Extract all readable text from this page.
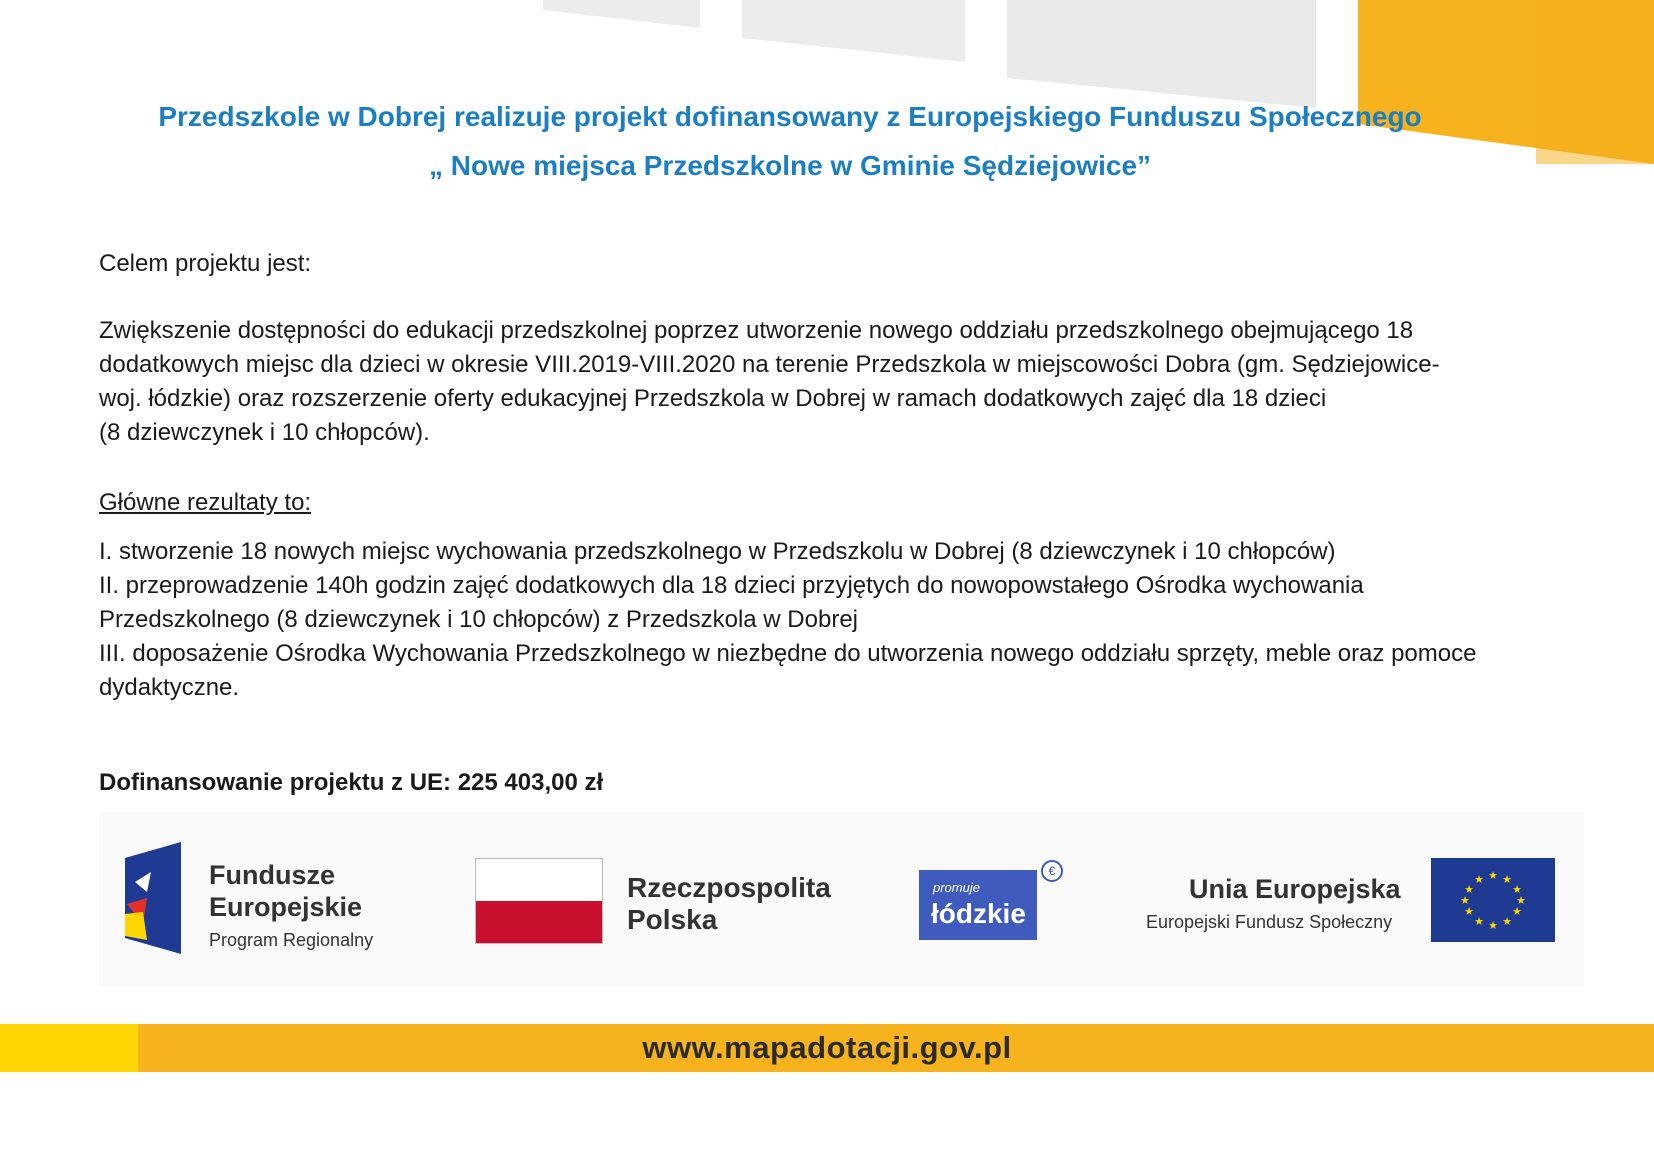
Przedszkole w Dobrej realizuje projekt dofinansowany z Europejskiego Funduszu Społecznego
„ Nowe miejsca Przedszkolne w Gminie Sędziejowice”

Celem projektu jest:

Zwiększenie dostępności do edukacji przedszkolnej poprzez utworzenie nowego oddziału przedszkolnego obejmującego 18

dodatkowych miejsc dla dzieci w okresie VIII.2019-VIII.2020 na terenie Przedszkola w miejscowości Dobra (gm. Sędziejowice-

woj. łódzkie) oraz rozszerzenie oferty edukacyjnej Przedszkola w Dobrej w ramach dodatkowych zajęć dla 18 dzieci

(8 dziewczynek i 10 chłopców).

Główne rezultaty to:

I. stworzenie 18 nowych miejsc wychowania przedszkolnego w Przedszkolu w Dobrej (8 dziewczynek i 10 chłopców)

II. przeprowadzenie 140h godzin zajęć dodatkowych dla 18 dzieci przyjętych do nowopowstałego Ośrodka wychowania

Przedszkolnego (8 dziewczynek i 10 chłopców) z Przedszkola w Dobrej

III. doposażenie Ośrodka Wychowania Przedszkolnego w niezbędne do utworzenia nowego oddziału sprzęty, meble oraz pomoce

dydaktyczne.

Dofinansowanie projektu z UE: 225 403,00 zł
Fundusze
Europejskie
Program Regionalny
Rzeczpospolita
Polska
promuje
łódzkie
€
Unia Europejska
Europejski Fundusz Społeczny
★ ★
★
★
★
★
★
★
★
★
★
★
www.mapadotacji.gov.pl
